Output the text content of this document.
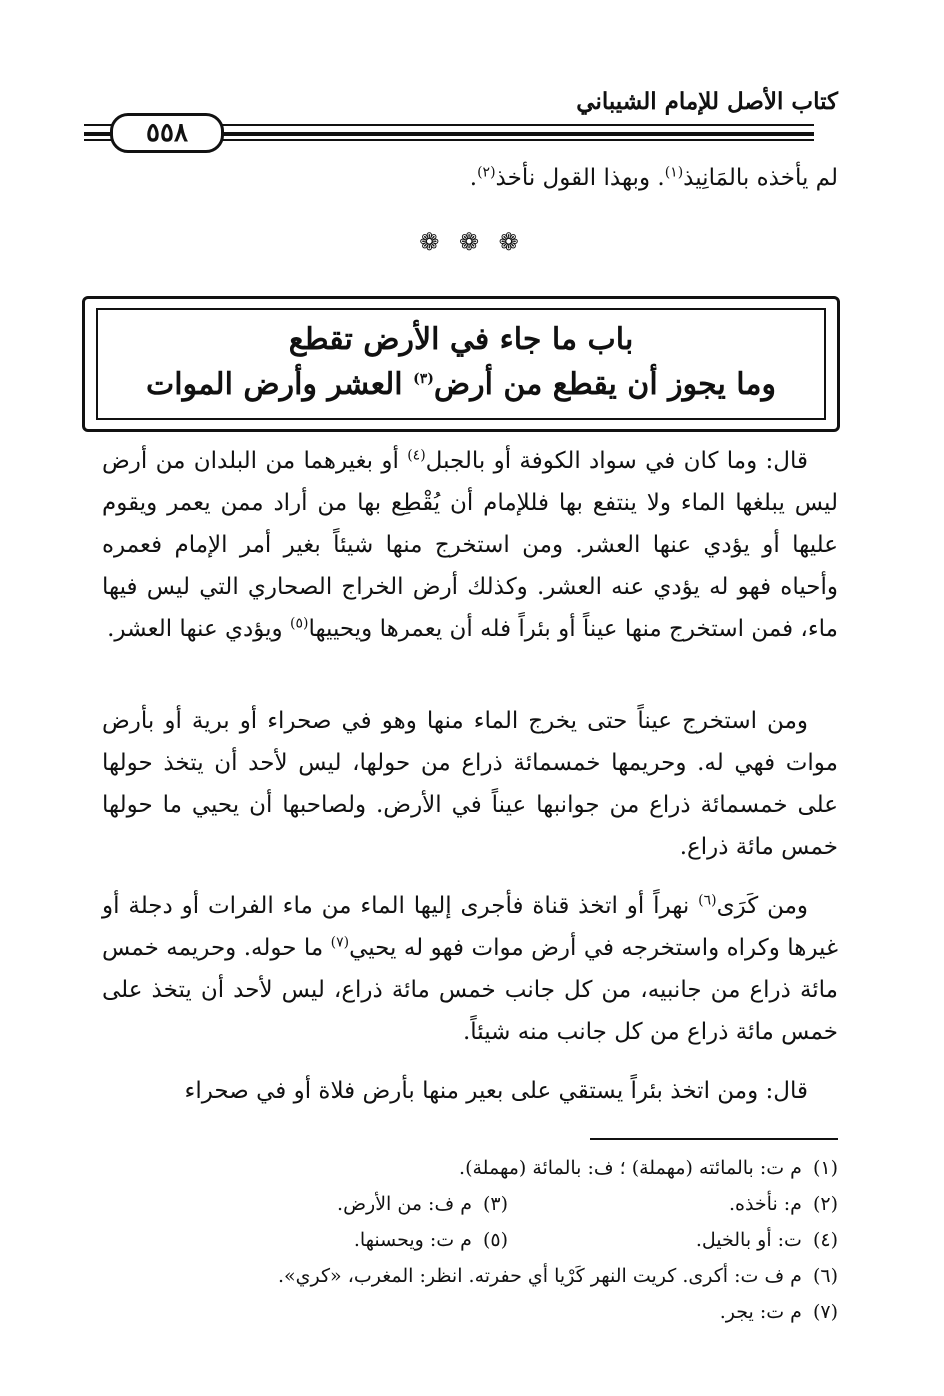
كتاب الأصل للإمام الشيباني
٥٥٨
لم يأخذه بالمَانِيذ$^{(١)}$. وبهذا القول نأخذ$^{(٢)}$.
❁ ❁ ❁
باب ما جاء في الأرض تقطع
وما يجوز أن يقطع من أرض$^{(٣)}$ العشر وأرض الموات

قال: وما كان في سواد الكوفة أو بالجبل$^{(٤)}$ أو بغيرهما من البلدان من أرض ليس يبلغها الماء ولا ينتفع بها فللإمام أن يُقْطِع بها من أراد ممن يعمر ويقوم عليها أو يؤدي عنها العشر. ومن استخرج منها شيئاً بغير أمر الإمام فعمره وأحياه فهو له يؤدي عنه العشر. وكذلك أرض الخراج الصحاري التي ليس فيها ماء، فمن استخرج منها عيناً أو بئراً فله أن يعمرها ويحييها$^{(٥)}$ ويؤدي عنها العشر.

ومن استخرج عيناً حتى يخرج الماء منها وهو في صحراء أو برية أو بأرض موات فهي له. وحريمها خمسمائة ذراع من حولها، ليس لأحد أن يتخذ حولها على خمسمائة ذراع من جوانبها عيناً في الأرض. ولصاحبها أن يحيي ما حولها خمس مائة ذراع.

ومن كَرَى$^{(٦)}$ نهراً أو اتخذ قناة فأجرى إليها الماء من ماء الفرات أو دجلة أو غيرها وكراه واستخرجه في أرض موات فهو له يحيي$^{(٧)}$ ما حوله. وحريمه خمس مائة ذراع من جانبيه، من كل جانب خمس مائة ذراع، ليس لأحد أن يتخذ على خمس مائة ذراع من كل جانب منه شيئاً.

قال: ومن اتخذ بئراً يستقي على بعير منها بأرض فلاة أو في صحراء

(١) م ت: بالمائته (مهملة) ؛ ف: بالمائة (مهملة).
(٢) م: نأخذه.
(٣) م ف: من الأرض.
(٤) ت: أو بالخيل.
(٥) م ت: ويحسنها.
(٦) م ف ت: أكرى. كريت النهر كَرْيا أي حفرته. انظر: المغرب، «كري».
(٧) م ت: يجر.
